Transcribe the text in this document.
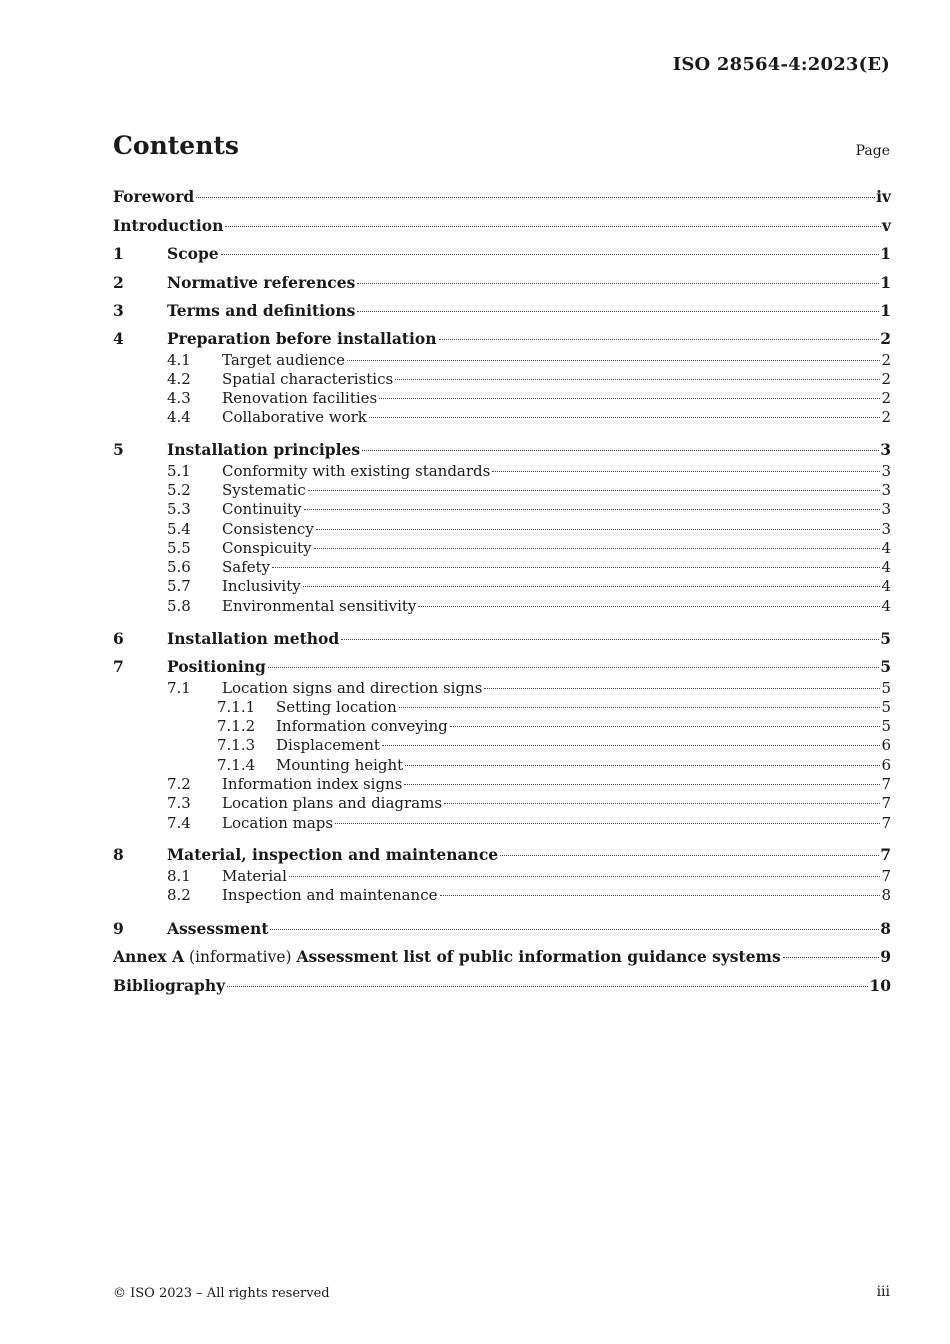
ISO 28564-4:2023(E)
Contents	Page
Foreword	iv
Introduction	v
1	Scope	1
2	Normative references	1
3	Terms and definitions	1
4	Preparation before installation	2
4.1	Target audience	2
4.2	Spatial characteristics	2
4.3	Renovation facilities	2
4.4	Collaborative work	2
5	Installation principles	3
5.1	Conformity with existing standards	3
5.2	Systematic	3
5.3	Continuity	3
5.4	Consistency	3
5.5	Conspicuity	4
5.6	Safety	4
5.7	Inclusivity	4
5.8	Environmental sensitivity	4
6	Installation method	5
7	Positioning	5
7.1	Location signs and direction signs	5
7.1.1	Setting location	5
7.1.2	Information conveying	5
7.1.3	Displacement	6
7.1.4	Mounting height	6
7.2	Information index signs	7
7.3	Location plans and diagrams	7
7.4	Location maps	7
8	Material, inspection and maintenance	7
8.1	Material	7
8.2	Inspection and maintenance	8
9	Assessment	8
Annex A (informative) Assessment list of public information guidance systems	9
Bibliography	10
© ISO 2023 – All rights reserved	iii
